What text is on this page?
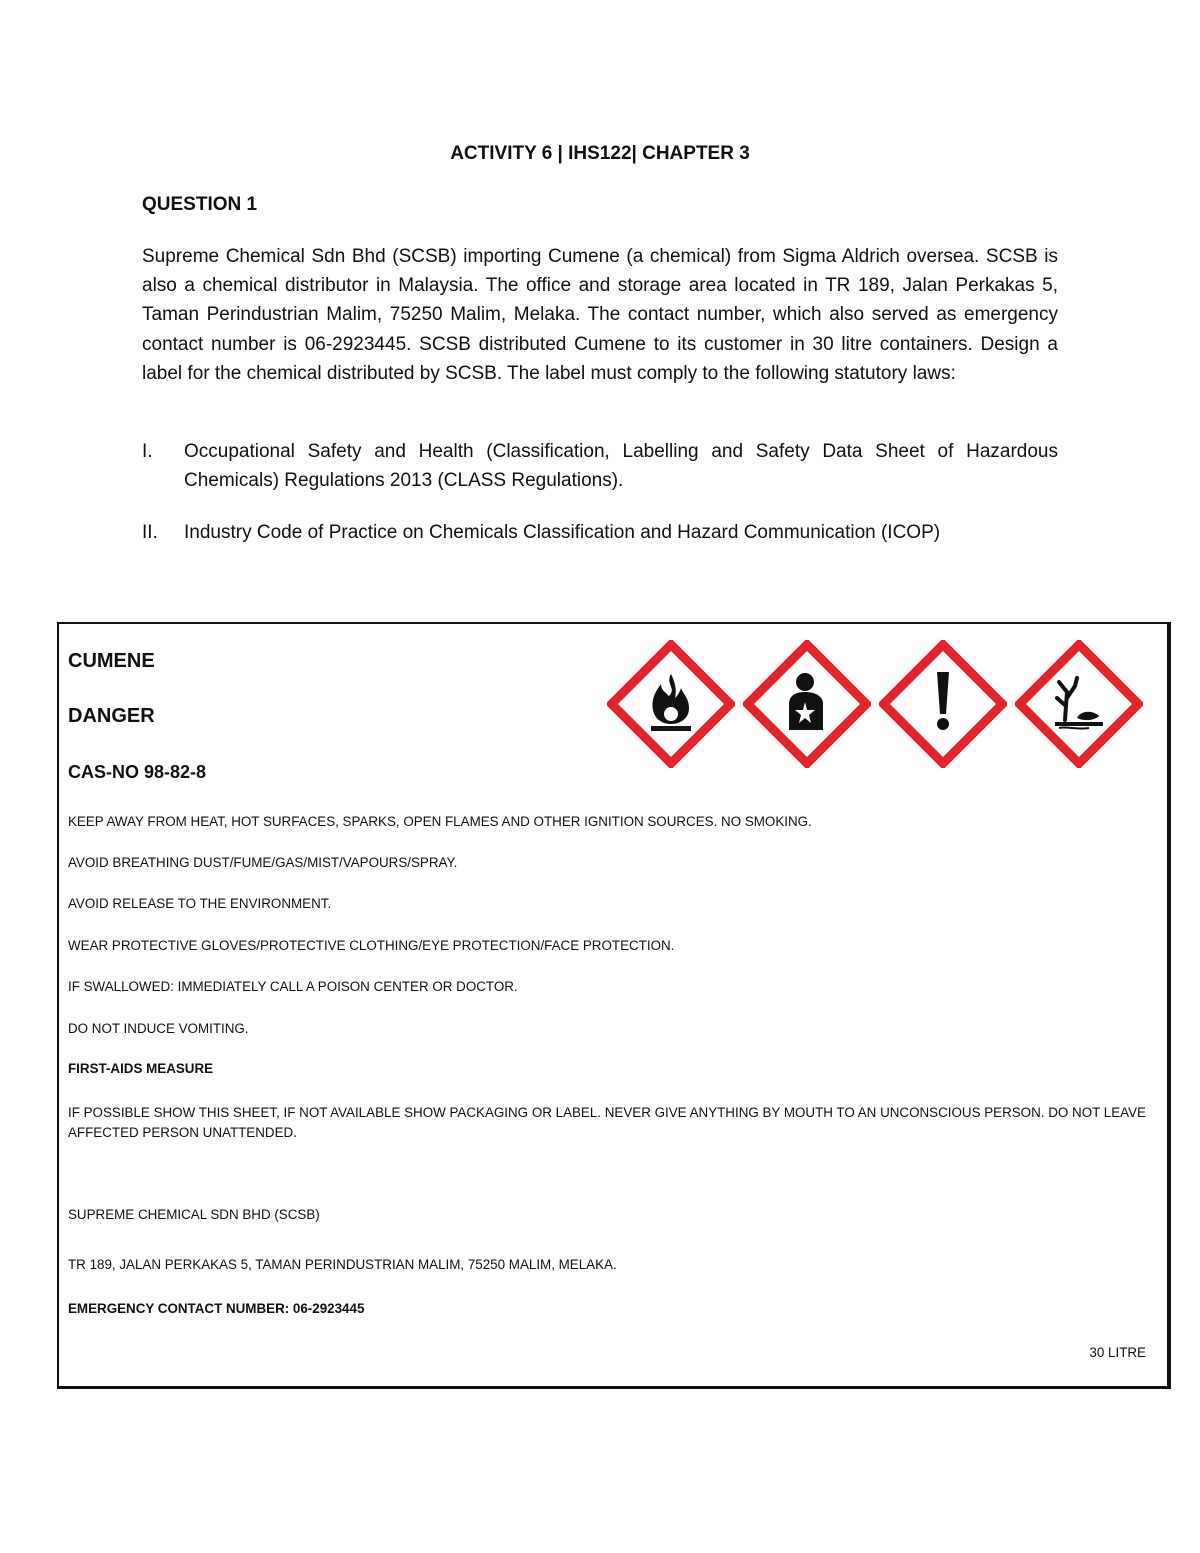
ACTIVITY 6 | IHS122| CHAPTER 3
QUESTION 1

Supreme Chemical Sdn Bhd (SCSB) importing Cumene (a chemical) from Sigma Aldrich oversea. SCSB is also a chemical distributor in Malaysia. The office and storage area located in TR 189, Jalan Perkakas 5, Taman Perindustrian Malim, 75250 Malim, Melaka. The contact number, which also served as emergency contact number is 06-2923445. SCSB distributed Cumene to its customer in 30 litre containers. Design a label for the chemical distributed by SCSB. The label must comply to the following statutory laws:

I. Occupational Safety and Health (Classification, Labelling and Safety Data Sheet of Hazardous Chemicals) Regulations 2013 (CLASS Regulations).
II. Industry Code of Practice on Chemicals Classification and Hazard Communication (ICOP)
CUMENE
DANGER
CAS-NO 98-82-8
KEEP AWAY FROM HEAT, HOT SURFACES, SPARKS, OPEN FLAMES AND OTHER IGNITION SOURCES. NO SMOKING.
AVOID BREATHING DUST/FUME/GAS/MIST/VAPOURS/SPRAY.
AVOID RELEASE TO THE ENVIRONMENT.
WEAR PROTECTIVE GLOVES/PROTECTIVE CLOTHING/EYE PROTECTION/FACE PROTECTION.
IF SWALLOWED: IMMEDIATELY CALL A POISON CENTER OR DOCTOR.
DO NOT INDUCE VOMITING.
FIRST-AIDS MEASURE
IF POSSIBLE SHOW THIS SHEET, IF NOT AVAILABLE SHOW PACKAGING OR LABEL. NEVER GIVE ANYTHING BY MOUTH TO AN UNCONSCIOUS PERSON. DO NOT LEAVE AFFECTED PERSON UNATTENDED.
SUPREME CHEMICAL SDN BHD (SCSB)
TR 189, JALAN PERKAKAS 5, TAMAN PERINDUSTRIAN MALIM, 75250 MALIM, MELAKA.
EMERGENCY CONTACT NUMBER: 06-2923445
30 LITRE
